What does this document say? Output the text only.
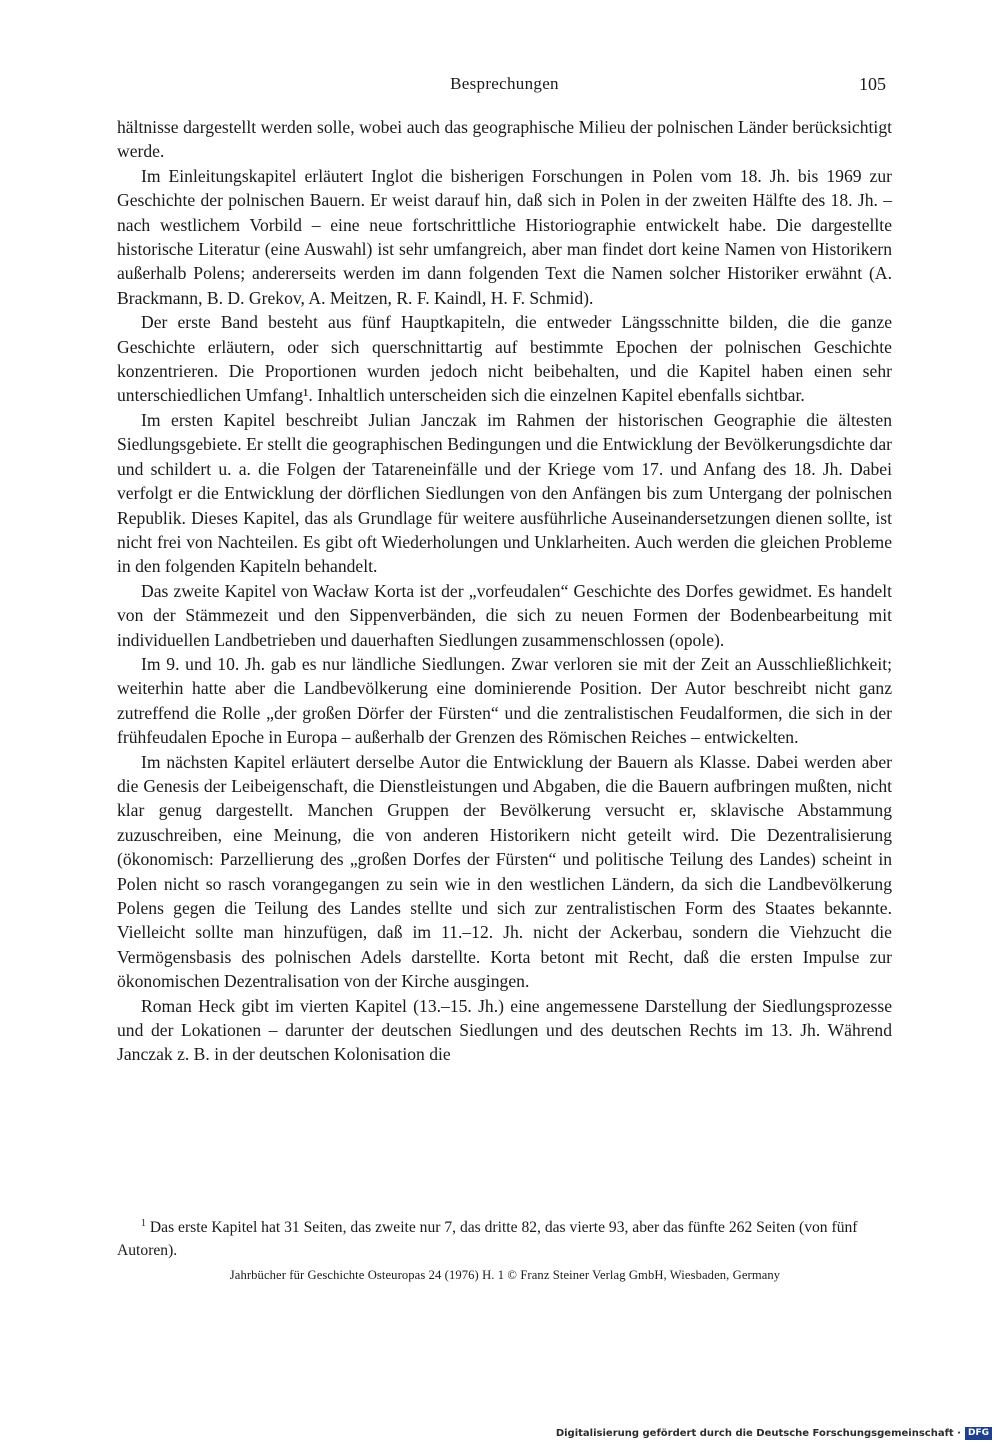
Besprechungen	105

hältnisse dargestellt werden solle, wobei auch das geographische Milieu der polnischen Länder berücksichtigt werde.

Im Einleitungskapitel erläutert Inglot die bisherigen Forschungen in Polen vom 18. Jh. bis 1969 zur Geschichte der polnischen Bauern. Er weist darauf hin, daß sich in Polen in der zweiten Hälfte des 18. Jh. – nach westlichem Vorbild – eine neue fortschrittliche Historiographie entwickelt habe. Die dargestellte historische Literatur (eine Auswahl) ist sehr umfangreich, aber man findet dort keine Namen von Historikern außerhalb Polens; andererseits werden im dann folgenden Text die Namen solcher Historiker erwähnt (A. Brackmann, B. D. Grekov, A. Meitzen, R. F. Kaindl, H. F. Schmid).

Der erste Band besteht aus fünf Hauptkapiteln, die entweder Längsschnitte bilden, die die ganze Geschichte erläutern, oder sich querschnittartig auf bestimmte Epochen der polnischen Geschichte konzentrieren. Die Proportionen wurden jedoch nicht beibehalten, und die Kapitel haben einen sehr unterschiedlichen Umfang¹. Inhaltlich unterscheiden sich die einzelnen Kapitel ebenfalls sichtbar.

Im ersten Kapitel beschreibt Julian Janczak im Rahmen der historischen Geographie die ältesten Siedlungsgebiete. Er stellt die geographischen Bedingungen und die Entwicklung der Bevölkerungsdichte dar und schildert u. a. die Folgen der Tatareneinfälle und der Kriege vom 17. und Anfang des 18. Jh. Dabei verfolgt er die Entwicklung der dörflichen Siedlungen von den Anfängen bis zum Untergang der polnischen Republik. Dieses Kapitel, das als Grundlage für weitere ausführliche Auseinandersetzungen dienen sollte, ist nicht frei von Nachteilen. Es gibt oft Wiederholungen und Unklarheiten. Auch werden die gleichen Probleme in den folgenden Kapiteln behandelt.

Das zweite Kapitel von Wacław Korta ist der „vorfeudalen“ Geschichte des Dorfes gewidmet. Es handelt von der Stämmezeit und den Sippenverbänden, die sich zu neuen Formen der Bodenbearbeitung mit individuellen Landbetrieben und dauerhaften Siedlungen zusammenschlossen (opole).

Im 9. und 10. Jh. gab es nur ländliche Siedlungen. Zwar verloren sie mit der Zeit an Ausschließlichkeit; weiterhin hatte aber die Landbevölkerung eine dominierende Position. Der Autor beschreibt nicht ganz zutreffend die Rolle „der großen Dörfer der Fürsten“ und die zentralistischen Feudalformen, die sich in der frühfeudalen Epoche in Europa – außerhalb der Grenzen des Römischen Reiches – entwickelten.

Im nächsten Kapitel erläutert derselbe Autor die Entwicklung der Bauern als Klasse. Dabei werden aber die Genesis der Leibeigenschaft, die Dienstleistungen und Abgaben, die die Bauern aufbringen mußten, nicht klar genug dargestellt. Manchen Gruppen der Bevölkerung versucht er, sklavische Abstammung zuzuschreiben, eine Meinung, die von anderen Historikern nicht geteilt wird. Die Dezentralisierung (ökonomisch: Parzellierung des „großen Dorfes der Fürsten“ und politische Teilung des Landes) scheint in Polen nicht so rasch vorangegangen zu sein wie in den westlichen Ländern, da sich die Landbevölkerung Polens gegen die Teilung des Landes stellte und sich zur zentralistischen Form des Staates bekannte. Vielleicht sollte man hinzufügen, daß im 11.–12. Jh. nicht der Ackerbau, sondern die Viehzucht die Vermögensbasis des polnischen Adels darstellte. Korta betont mit Recht, daß die ersten Impulse zur ökonomischen Dezentralisation von der Kirche ausgingen.

Roman Heck gibt im vierten Kapitel (13.–15. Jh.) eine angemessene Darstellung der Siedlungsprozesse und der Lokationen – darunter der deutschen Siedlungen und des deutschen Rechts im 13. Jh. Während Janczak z. B. in der deutschen Kolonisation die

$^1$ Das erste Kapitel hat 31 Seiten, das zweite nur 7, das dritte 82, das vierte 93, aber das fünfte 262 Seiten (von fünf Autoren).
Jahrbücher für Geschichte Osteuropas 24 (1976) H. 1 © Franz Steiner Verlag GmbH, Wiesbaden, Germany
Digitalisierung gefördert durch die Deutsche Forschungsgemeinschaft · DFG
